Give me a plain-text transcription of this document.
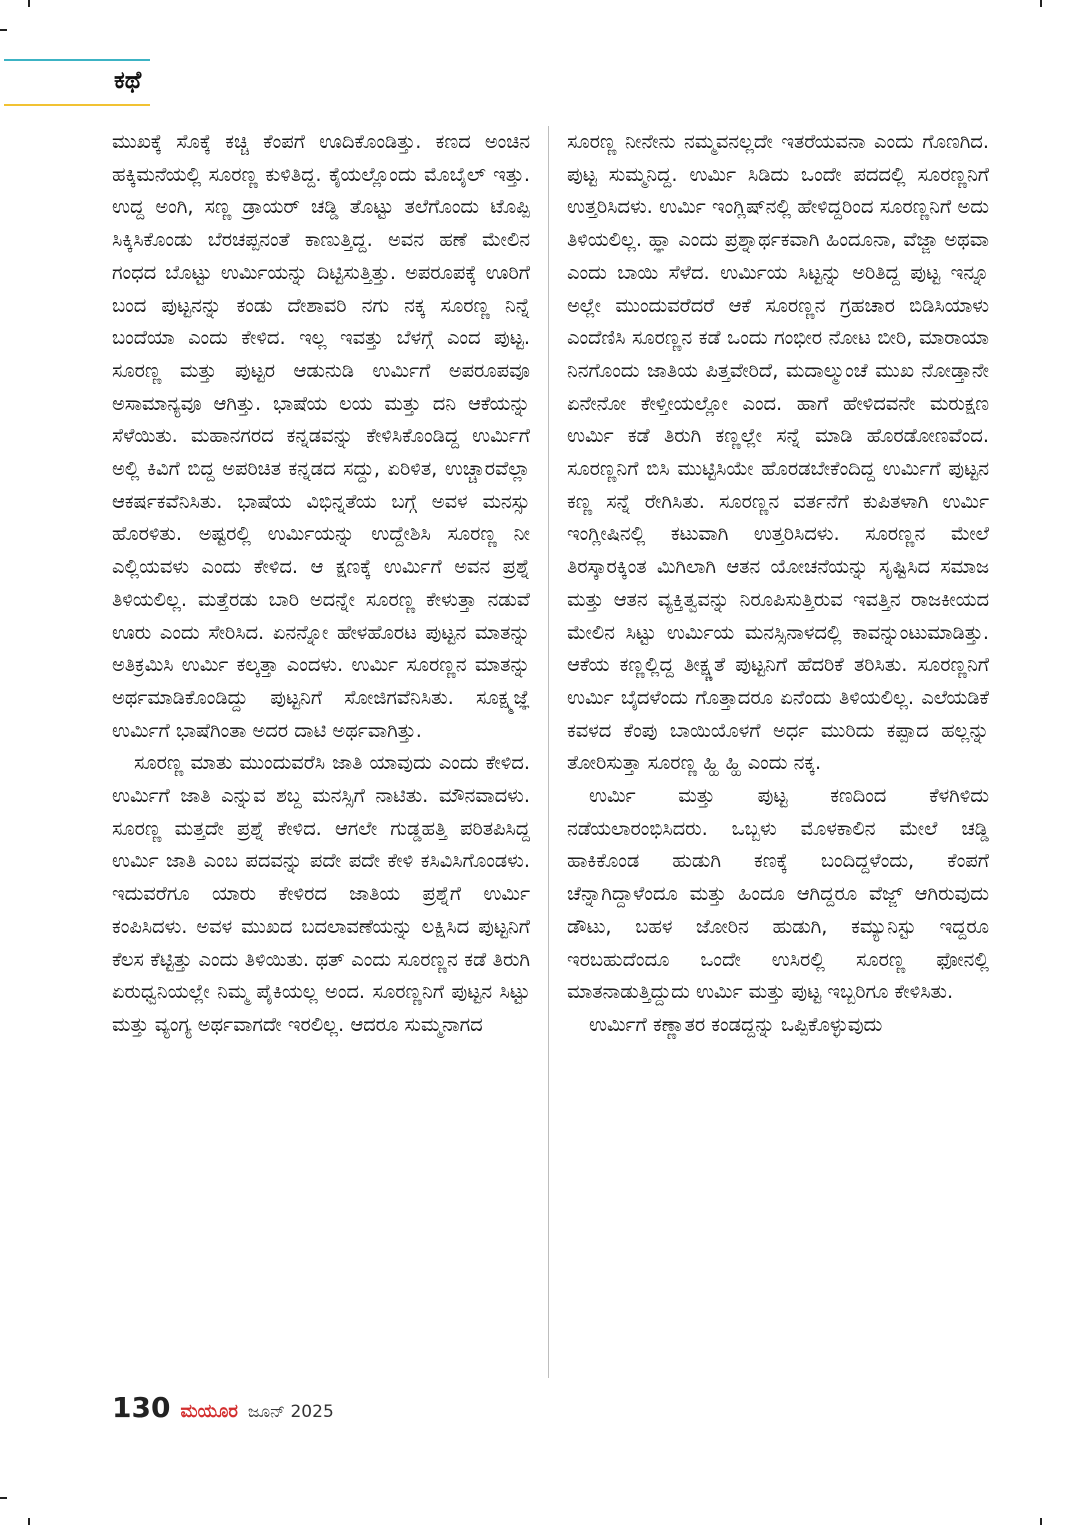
ಕಥೆ

ಮುಖಕ್ಕೆ ಸೊಕ್ಕೆ ಕಚ್ಚಿ ಕೆಂಪಗೆ ಊದಿಕೊಂಡಿತ್ತು. ಕಣದ ಅಂಚಿನ ಹಕ್ಕಿಮನೆಯಲ್ಲಿ ಸೂರಣ್ಣ ಕುಳಿತಿದ್ದ. ಕೈಯಲ್ಲೊಂದು ಮೊಬೈಲ್ ಇತ್ತು. ಉದ್ದ ಅಂಗಿ, ಸಣ್ಣ ಡ್ರಾಯರ್ ಚಡ್ಡಿ ತೊಟ್ಟು ತಲೆಗೊಂದು ಟೊಪ್ಪಿ ಸಿಕ್ಕಿಸಿಕೊಂಡು ಬೆರಚಪ್ಪನಂತೆ ಕಾಣುತ್ತಿದ್ದ. ಅವನ ಹಣೆ ಮೇಲಿನ ಗಂಧದ ಬೊಟ್ಟು ಉರ್ಮಿಯನ್ನು ದಿಟ್ಟಿಸುತ್ತಿತ್ತು. ಅಪರೂಪಕ್ಕೆ ಊರಿಗೆ ಬಂದ ಪುಟ್ಟನನ್ನು ಕಂಡು ದೇಶಾವರಿ ನಗು ನಕ್ಕ ಸೂರಣ್ಣ ನಿನ್ನೆ ಬಂದೆಯಾ ಎಂದು ಕೇಳಿದ. ಇಲ್ಲ ಇವತ್ತು ಬೆಳಗ್ಗೆ ಎಂದ ಪುಟ್ಟ. ಸೂರಣ್ಣ ಮತ್ತು ಪುಟ್ಟರ ಆಡುನುಡಿ ಉರ್ಮಿಗೆ ಅಪರೂಪವೂ ಅಸಾಮಾನ್ಯವೂ ಆಗಿತ್ತು. ಭಾಷೆಯ ಲಯ ಮತ್ತು ದನಿ ಆಕೆಯನ್ನು ಸೆಳೆಯಿತು. ಮಹಾನಗರದ ಕನ್ನಡವನ್ನು ಕೇಳಿಸಿಕೊಂಡಿದ್ದ ಉರ್ಮಿಗೆ ಅಲ್ಲಿ ಕಿವಿಗೆ ಬಿದ್ದ ಅಪರಿಚಿತ ಕನ್ನಡದ ಸದ್ದು, ಏರಿಳಿತ, ಉಚ್ಚಾರವೆಲ್ಲಾ ಆಕರ್ಷಕವೆನಿಸಿತು. ಭಾಷೆಯ ವಿಭಿನ್ನತೆಯ ಬಗ್ಗೆ ಅವಳ ಮನಸ್ಸು ಹೊರಳಿತು. ಅಷ್ಟರಲ್ಲಿ ಉರ್ಮಿಯನ್ನು ಉದ್ದೇಶಿಸಿ ಸೂರಣ್ಣ ನೀ ಎಲ್ಲಿಯವಳು ಎಂದು ಕೇಳಿದ. ಆ ಕ್ಷಣಕ್ಕೆ ಉರ್ಮಿಗೆ ಅವನ ಪ್ರಶ್ನೆ ತಿಳಿಯಲಿಲ್ಲ. ಮತ್ತೆರಡು ಬಾರಿ ಅದನ್ನೇ ಸೂರಣ್ಣ ಕೇಳುತ್ತಾ ನಡುವೆ ಊರು ಎಂದು ಸೇರಿಸಿದ. ಏನನ್ನೋ ಹೇಳಹೊರಟ ಪುಟ್ಟನ ಮಾತನ್ನು ಅತಿಕ್ರಮಿಸಿ ಉರ್ಮಿ ಕಲ್ಕತ್ತಾ ಎಂದಳು. ಉರ್ಮಿ ಸೂರಣ್ಣನ ಮಾತನ್ನು ಅರ್ಥಮಾಡಿಕೊಂಡಿದ್ದು ಪುಟ್ಟನಿಗೆ ಸೋಜಿಗವೆನಿಸಿತು. ಸೂಕ್ಷ್ಮಜ್ಞೆ ಉರ್ಮಿಗೆ ಭಾಷೆಗಿಂತಾ ಅದರ ದಾಟಿ ಅರ್ಥವಾಗಿತ್ತು.

ಸೂರಣ್ಣ ಮಾತು ಮುಂದುವರೆಸಿ ಜಾತಿ ಯಾವುದು ಎಂದು ಕೇಳಿದ. ಉರ್ಮಿಗೆ ಜಾತಿ ಎನ್ನುವ ಶಬ್ದ ಮನಸ್ಸಿಗೆ ನಾಟಿತು. ಮೌನವಾದಳು. ಸೂರಣ್ಣ ಮತ್ತದೇ ಪ್ರಶ್ನೆ ಕೇಳಿದ. ಆಗಲೇ ಗುಡ್ಡಹತ್ತಿ ಪರಿತಪಿಸಿದ್ದ ಉರ್ಮಿ ಜಾತಿ ಎಂಬ ಪದವನ್ನು ಪದೇ ಪದೇ ಕೇಳಿ ಕಸಿವಿಸಿಗೊಂಡಳು. ಇದುವರೆಗೂ ಯಾರು ಕೇಳಿರದ ಜಾತಿಯ ಪ್ರಶ್ನೆಗೆ ಉರ್ಮಿ ಕಂಪಿಸಿದಳು. ಅವಳ ಮುಖದ ಬದಲಾವಣೆಯನ್ನು ಲಕ್ಷಿಸಿದ ಪುಟ್ಟನಿಗೆ ಕೆಲಸ ಕೆಟ್ಟಿತ್ತು ಎಂದು ತಿಳಿಯಿತು. ಥತ್ ಎಂದು ಸೂರಣ್ಣನ ಕಡೆ ತಿರುಗಿ ಏರುಧ್ವನಿಯಲ್ಲೇ ನಿಮ್ಮ ಪೈಕಿಯಲ್ಲ ಅಂದ. ಸೂರಣ್ಣನಿಗೆ ಪುಟ್ಟನ ಸಿಟ್ಟು ಮತ್ತು ವ್ಯಂಗ್ಯ ಅರ್ಥವಾಗದೇ ಇರಲಿಲ್ಲ. ಆದರೂ ಸುಮ್ಮನಾಗದ

ಸೂರಣ್ಣ ನೀನೇನು ನಮ್ಮವನಲ್ಲದೇ ಇತರೆಯವನಾ ಎಂದು ಗೊಣಗಿದ. ಪುಟ್ಟ ಸುಮ್ಮನಿದ್ದ. ಉರ್ಮಿ ಸಿಡಿದು ಒಂದೇ ಪದದಲ್ಲಿ ಸೂರಣ್ಣನಿಗೆ ಉತ್ತರಿಸಿದಳು. ಉರ್ಮಿ ಇಂಗ್ಲಿಷ್‌ನಲ್ಲಿ ಹೇಳಿದ್ದರಿಂದ ಸೂರಣ್ಣನಿಗೆ ಅದು ತಿಳಿಯಲಿಲ್ಲ. ಹ್ಞಾ ಎಂದು ಪ್ರಶ್ನಾರ್ಥಕವಾಗಿ ಹಿಂದೂನಾ, ವೆಜ್ಜಾ ಅಥವಾ ಎಂದು ಬಾಯಿ ಸೆಳೆದ. ಉರ್ಮಿಯ ಸಿಟ್ಟನ್ನು ಅರಿತಿದ್ದ ಪುಟ್ಟ ಇನ್ನೂ ಅಲ್ಲೇ ಮುಂದುವರೆದರೆ ಆಕೆ ಸೂರಣ್ಣನ ಗ್ರಹಚಾರ ಬಿಡಿಸಿಯಾಳು ಎಂದೆಣಿಸಿ ಸೂರಣ್ಣನ ಕಡೆ ಒಂದು ಗಂಭೀರ ನೋಟ ಬೀರಿ, ಮಾರಾಯಾ ನಿನಗೊಂದು ಜಾತಿಯ ಪಿತ್ತವೇರಿದೆ, ಮದಾಲ್ಮುಂಚೆ ಮುಖ ನೋಡ್ತಾನೇ ಏನೇನೋ ಕೇಳ್ತೀಯಲ್ಲೋ ಎಂದ. ಹಾಗೆ ಹೇಳಿದವನೇ ಮರುಕ್ಷಣ ಉರ್ಮಿ ಕಡೆ ತಿರುಗಿ ಕಣ್ಣಲ್ಲೇ ಸನ್ನೆ ಮಾಡಿ ಹೊರಡೋಣವೆಂದ. ಸೂರಣ್ಣನಿಗೆ ಬಿಸಿ ಮುಟ್ಟಿಸಿಯೇ ಹೊರಡಬೇಕೆಂದಿದ್ದ ಉರ್ಮಿಗೆ ಪುಟ್ಟನ ಕಣ್ಣ ಸನ್ನೆ ರೇಗಿಸಿತು. ಸೂರಣ್ಣನ ವರ್ತನೆಗೆ ಕುಪಿತಳಾಗಿ ಉರ್ಮಿ ಇಂಗ್ಲೀಷಿನಲ್ಲಿ ಕಟುವಾಗಿ ಉತ್ತರಿಸಿದಳು. ಸೂರಣ್ಣನ ಮೇಲೆ ತಿರಸ್ಕಾರಕ್ಕಿಂತ ಮಿಗಿಲಾಗಿ ಆತನ ಯೋಚನೆಯನ್ನು ಸೃಷ್ಟಿಸಿದ ಸಮಾಜ ಮತ್ತು ಆತನ ವ್ಯಕ್ತಿತ್ವವನ್ನು ನಿರೂಪಿಸುತ್ತಿರುವ ಇವತ್ತಿನ ರಾಜಕೀಯದ ಮೇಲಿನ ಸಿಟ್ಟು ಉರ್ಮಿಯ ಮನಸ್ಸಿನಾಳದಲ್ಲಿ ಕಾವನ್ನುಂಟುಮಾಡಿತ್ತು. ಆಕೆಯ ಕಣ್ಣಲ್ಲಿದ್ದ ತೀಕ್ಷ್ಣತೆ ಪುಟ್ಟನಿಗೆ ಹೆದರಿಕೆ ತರಿಸಿತು. ಸೂರಣ್ಣನಿಗೆ ಉರ್ಮಿ ಬೈದಳೆಂದು ಗೊತ್ತಾದರೂ ಏನೆಂದು ತಿಳಿಯಲಿಲ್ಲ. ಎಲೆಯಡಿಕೆ ಕವಳದ ಕೆಂಪು ಬಾಯಿಯೊಳಗೆ ಅರ್ಧ ಮುರಿದು ಕಪ್ಪಾದ ಹಲ್ಲನ್ನು ತೋರಿಸುತ್ತಾ ಸೂರಣ್ಣ ಹ್ಹಿ ಹ್ಹಿ ಎಂದು ನಕ್ಕ.

ಉರ್ಮಿ ಮತ್ತು ಪುಟ್ಟ ಕಣದಿಂದ ಕೆಳಗಿಳಿದು ನಡೆಯಲಾರಂಭಿಸಿದರು. ಒಬ್ಬಳು ಮೊಳಕಾಲಿನ ಮೇಲೆ ಚಡ್ಡಿ ಹಾಕಿಕೊಂಡ ಹುಡುಗಿ ಕಣಕ್ಕೆ ಬಂದಿದ್ದಳೆಂದು, ಕೆಂಪಗೆ ಚೆನ್ನಾಗಿದ್ದಾಳೆಂದೂ ಮತ್ತು ಹಿಂದೂ ಆಗಿದ್ದರೂ ವೆಜ್ಜ್ ಆಗಿರುವುದು ಡೌಟು, ಬಹಳ ಜೋರಿನ ಹುಡುಗಿ, ಕಮ್ಯುನಿಸ್ಟು ಇದ್ದರೂ ಇರಬಹುದೆಂದೂ ಒಂದೇ ಉಸಿರಲ್ಲಿ ಸೂರಣ್ಣ ಫೋನಲ್ಲಿ ಮಾತನಾಡುತ್ತಿದ್ದುದು ಉರ್ಮಿ ಮತ್ತು ಪುಟ್ಟ ಇಬ್ಬರಿಗೂ ಕೇಳಿಸಿತು.

ಉರ್ಮಿಗೆ ಕಣ್ಣಾತರ ಕಂಡದ್ದನ್ನು ಒಪ್ಪಿಕೊಳ್ಳುವುದು

130 ಮಯೂರ ಜೂನ್ 2025
